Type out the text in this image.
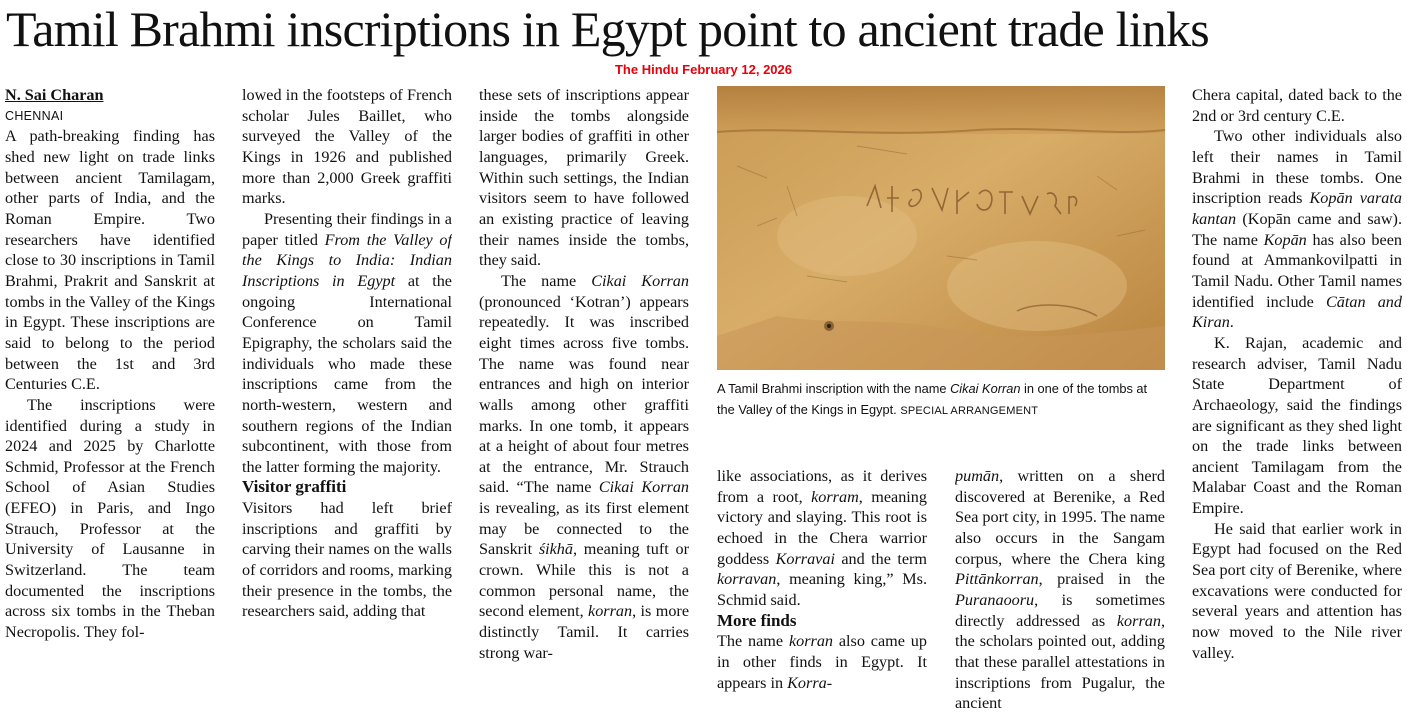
Tamil Brahmi inscriptions in Egypt point to ancient trade links
The Hindu February 12, 2026

N. Sai Charan

CHENNAI

A path-breaking finding has shed new light on trade links between ancient Tamilagam, other parts of India, and the Roman Empire. Two researchers have identified close to 30 inscriptions in Tamil Brahmi, Prakrit and Sanskrit at tombs in the Valley of the Kings in Egypt. These inscriptions are said to belong to the period between the 1st and 3rd Centuries C.E.

The inscriptions were identified during a study in 2024 and 2025 by Charlotte Schmid, Professor at the French School of Asian Studies (EFEO) in Paris, and Ingo Strauch, Professor at the University of Lausanne in Switzerland. The team documented the inscriptions across six tombs in the Theban Necropolis. They fol-

lowed in the footsteps of French scholar Jules Baillet, who surveyed the Valley of the Kings in 1926 and published more than 2,000 Greek graffiti marks.

Presenting their findings in a paper titled From the Valley of the Kings to India: Indian Inscriptions in Egypt at the ongoing International Conference on Tamil Epigraphy, the scholars said the individuals who made these inscriptions came from the north-western, western and southern regions of the Indian subcontinent, with those from the latter forming the majority.

Visitor graffiti

Visitors had left brief inscriptions and graffiti by carving their names on the walls of corridors and rooms, marking their presence in the tombs, the researchers said, adding that

these sets of inscriptions appear inside the tombs alongside larger bodies of graffiti in other languages, primarily Greek. Within such settings, the Indian visitors seem to have followed an existing practice of leaving their names inside the tombs, they said.

The name Cikai Korran (pronounced ‘Kotran’) appears repeatedly. It was inscribed eight times across five tombs. The name was found near entrances and high on interior walls among other graffiti marks. In one tomb, it appears at a height of about four metres at the entrance, Mr. Strauch said. “The name Cikai Korran is revealing, as its first element may be connected to the Sanskrit śikhā, meaning tuft or crown. While this is not a common personal name, the second element, korran, is more distinctly Tamil. It carries strong war-

A Tamil Brahmi inscription with the name Cikai Korran in one of the tombs at the Valley of the Kings in Egypt. SPECIAL ARRANGEMENT

like associations, as it derives from a root, korram, meaning victory and slaying. This root is echoed in the Chera warrior goddess Korravai and the term korravan, meaning king,” Ms. Schmid said.

More finds

The name korran also came up in other finds in Egypt. It appears in Korra-

pumān, written on a sherd discovered at Berenike, a Red Sea port city, in 1995. The name also occurs in the Sangam corpus, where the Chera king Pittānkorran, praised in the Puranaooru, is sometimes directly addressed as korran, the scholars pointed out, adding that these parallel attestations in inscriptions from Pugalur, the ancient

Chera capital, dated back to the 2nd or 3rd century C.E.

Two other individuals also left their names in Tamil Brahmi in these tombs. One inscription reads Kopān varata kantan (Kopān came and saw). The name Kopān has also been found at Ammankovilpatti in Tamil Nadu. Other Tamil names identified include Cātan and Kiran.

K. Rajan, academic and research adviser, Tamil Nadu State Department of Archaeology, said the findings are significant as they shed light on the trade links between ancient Tamilagam from the Malabar Coast and the Roman Empire.

He said that earlier work in Egypt had focused on the Red Sea port city of Berenike, where excavations were conducted for several years and attention has now moved to the Nile river valley.
